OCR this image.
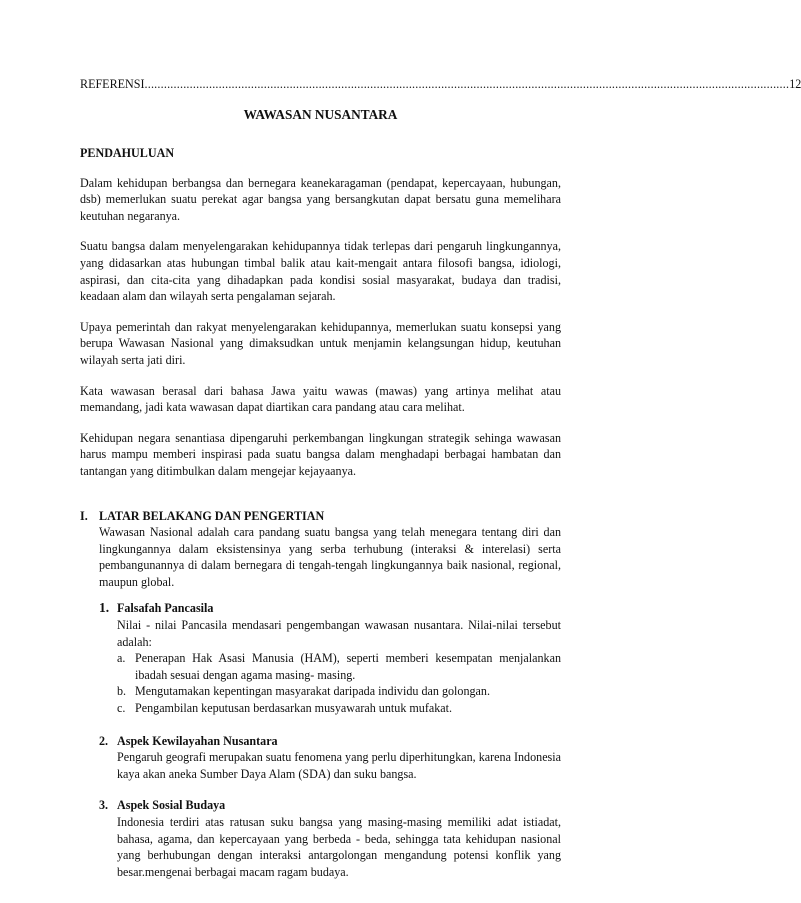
REFERENSI ........................................................................................................................................................................................................ 12
WAWASAN NUSANTARA
PENDAHULUAN

Dalam kehidupan berbangsa dan bernegara keanekaragaman (pendapat, kepercayaan, hubungan, dsb) memerlukan suatu perekat agar bangsa yang bersangkutan dapat bersatu guna memelihara keutuhan negaranya.

Suatu bangsa dalam menyelengarakan kehidupannya tidak terlepas dari pengaruh lingkungannya, yang didasarkan atas hubungan timbal balik atau kait-mengait antara filosofi bangsa, idiologi, aspirasi, dan cita-cita yang dihadapkan pada kondisi sosial masyarakat, budaya dan tradisi, keadaan alam dan wilayah serta pengalaman sejarah.

Upaya pemerintah dan rakyat menyelengarakan kehidupannya, memerlukan suatu konsepsi yang berupa Wawasan Nasional yang dimaksudkan untuk menjamin kelangsungan hidup, keutuhan wilayah serta jati diri.

Kata wawasan berasal dari bahasa Jawa yaitu wawas (mawas) yang artinya melihat atau memandang, jadi kata wawasan dapat diartikan cara pandang atau cara melihat.

Kehidupan negara senantiasa dipengaruhi perkembangan lingkungan strategik sehinga wawasan harus mampu memberi inspirasi pada suatu bangsa dalam menghadapi berbagai hambatan dan tantangan yang ditimbulkan dalam mengejar kejayaanya.

I. LATAR BELAKANG DAN PENGERTIAN
Wawasan Nasional adalah cara pandang suatu bangsa yang telah menegara tentang diri dan lingkungannya dalam eksistensinya yang serba terhubung (interaksi & interelasi) serta pembangunannya di dalam bernegara di tengah-tengah lingkungannya baik nasional, regional, maupun global.
1. Falsafah Pancasila
Nilai - nilai Pancasila mendasari pengembangan wawasan nusantara. Nilai-nilai tersebut adalah:
a. Penerapan Hak Asasi Manusia (HAM), seperti memberi kesempatan menjalankan ibadah sesuai dengan agama masing- masing.
b. Mengutamakan kepentingan masyarakat daripada individu dan golongan.
c. Pengambilan keputusan berdasarkan musyawarah untuk mufakat.
2. Aspek Kewilayahan Nusantara
Pengaruh geografi merupakan suatu fenomena yang perlu diperhitungkan, karena Indonesia kaya akan aneka Sumber Daya Alam (SDA) dan suku bangsa.
3. Aspek Sosial Budaya
Indonesia terdiri atas ratusan suku bangsa yang masing-masing memiliki adat istiadat, bahasa, agama, dan kepercayaan yang berbeda - beda, sehingga tata kehidupan nasional yang berhubungan dengan interaksi antargolongan mengandung potensi konflik yang besar.mengenai berbagai macam ragam budaya.
